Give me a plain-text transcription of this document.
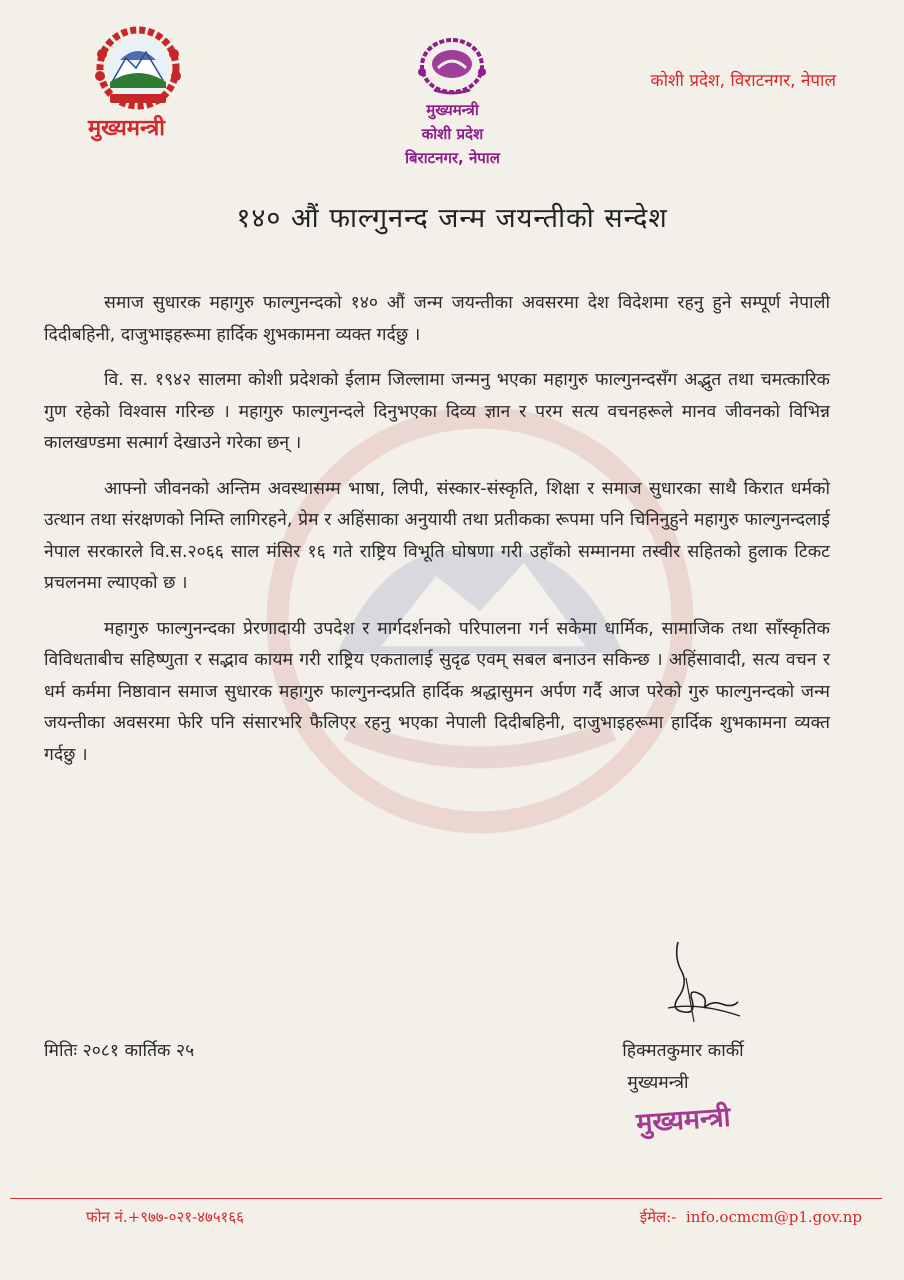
मुख्यमन्त्री
मुख्यमन्त्री
कोशी प्रदेश
बिराटनगर, नेपाल
कोशी प्रदेश, विराटनगर, नेपाल
१४० औं फाल्गुनन्द जन्म जयन्तीको सन्देश

समाज सुधारक महागुरु फाल्गुनन्दको १४० औं जन्म जयन्तीका अवसरमा देश विदेशमा रहनु हुने सम्पूर्ण नेपाली दिदीबहिनी, दाजुभाइहरूमा हार्दिक शुभकामना व्यक्त गर्दछु ।

वि. स. १९४२ सालमा कोशी प्रदेशको ईलाम जिल्लामा जन्मनु भएका महागुरु फाल्गुनन्दसँग अद्भुत तथा चमत्कारिक गुण रहेको विश्वास गरिन्छ । महागुरु फाल्गुनन्दले दिनुभएका दिव्य ज्ञान र परम सत्य वचनहरूले मानव जीवनको विभिन्न कालखण्डमा सत्मार्ग देखाउने गरेका छन् ।

आफ्नो जीवनको अन्तिम अवस्थासम्म भाषा, लिपी, संस्कार-संस्कृति, शिक्षा र समाज सुधारका साथै किरात धर्मको उत्थान तथा संरक्षणको निम्ति लागिरहने, प्रेम र अहिंसाका अनुयायी तथा प्रतीकका रूपमा पनि चिनिनुहुने महागुरु फाल्गुनन्दलाई नेपाल सरकारले वि.स.२०६६ साल मंसिर १६ गते राष्ट्रिय विभूति घोषणा गरी उहाँको सम्मानमा तस्वीर सहितको हुलाक टिकट प्रचलनमा ल्याएको छ ।

महागुरु फाल्गुनन्दका प्रेरणादायी उपदेश र मार्गदर्शनको परिपालना गर्न सकेमा धार्मिक, सामाजिक तथा साँस्कृतिक विविधताबीच सहिष्णुता र सद्भाव कायम गरी राष्ट्रिय एकतालाई सुदृढ एवम् सबल बनाउन सकिन्छ । अहिंसावादी, सत्य वचन र धर्म कर्ममा निष्ठावान समाज सुधारक महागुरु फाल्गुनन्दप्रति हार्दिक श्रद्धासुमन अर्पण गर्दै आज परेको गुरु फाल्गुनन्दको जन्म जयन्तीका अवसरमा फेरि पनि संसारभरि फैलिएर रहनु भएका नेपाली दिदीबहिनी, दाजुभाइहरूमा हार्दिक शुभकामना व्यक्त गर्दछु ।

मितिः २०८१ कार्तिक २५	हिक्मतकुमार कार्की
मुख्यमन्त्री
मुख्यमन्त्री
फोन नं.+९७७-०२१-४७५१६६	ईमेल:- info.ocmcm@p1.gov.np
